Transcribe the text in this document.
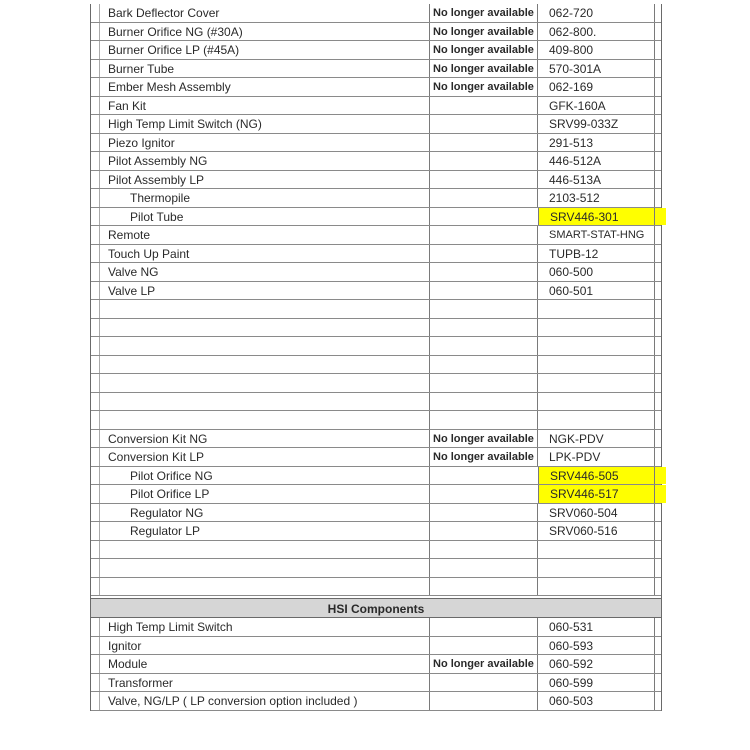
Bark Deflector Cover	No longer available	062-720
Burner Orifice NG (#30A)	No longer available	062-800.
Burner Orifice LP (#45A)	No longer available	409-800
Burner Tube	No longer available	570-301A
Ember Mesh Assembly	No longer available	062-169
Fan Kit	GFK-160A
High Temp Limit Switch (NG)	SRV99-033Z
Piezo Ignitor	291-513
Pilot Assembly NG	446-512A
Pilot Assembly LP	446-513A
Thermopile	2103-512
Pilot Tube	SRV446-301
Remote	SMART-STAT-HNG
Touch Up Paint	TUPB-12
Valve NG	060-500
Valve LP	060-501
Conversion Kit NG	No longer available	NGK-PDV
Conversion Kit LP	No longer available	LPK-PDV
Pilot Orifice NG	SRV446-505
Pilot Orifice LP	SRV446-517
Regulator NG	SRV060-504
Regulator LP	SRV060-516
HSI Components
High Temp Limit Switch	060-531
Ignitor	060-593
Module	No longer available	060-592
Transformer	060-599
Valve, NG/LP ( LP conversion option included )	060-503
